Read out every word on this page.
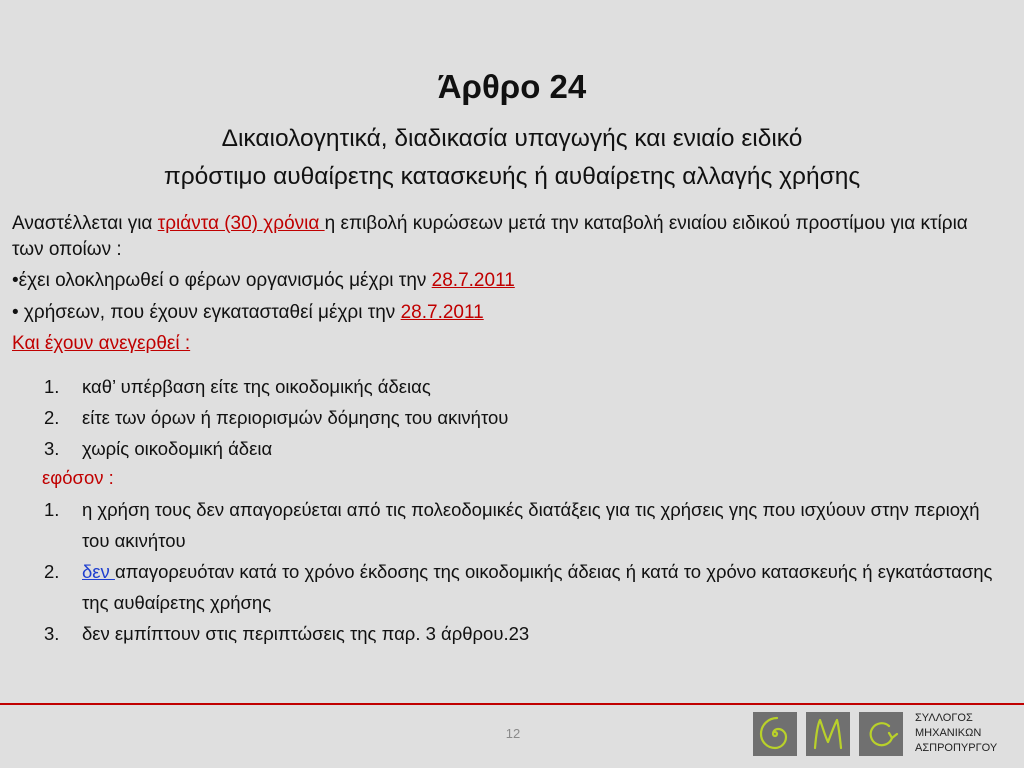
Άρθρο 24
Δικαιολογητικά, διαδικασία υπαγωγής και ενιαίο ειδικό
πρόστιμο αυθαίρετης κατασκευής ή αυθαίρετης αλλαγής χρήσης

Αναστέλλεται για τριάντα (30) χρόνια η επιβολή κυρώσεων μετά την καταβολή ενιαίου ειδικού προστίμου για κτίρια των οποίων :

•έχει ολοκληρωθεί ο φέρων οργανισμός μέχρι την 28.7.2011

• χρήσεων, που έχουν εγκατασταθεί μέχρι την 28.7.2011

Και έχουν ανεγερθεί :

1. καθ’ υπέρβαση είτε της οικοδομικής άδειας
2. είτε των όρων ή περιορισμών δόμησης του ακινήτου
3. χωρίς οικοδομική άδεια
εφόσον :
1. η χρήση τους δεν απαγορεύεται από τις πολεοδομικές διατάξεις για τις χρήσεις γης που ισχύουν στην περιοχή του ακινήτου
2. δεν απαγορευόταν κατά το χρόνο έκδοσης της οικοδομικής άδειας ή κατά το χρόνο κατασκευής ή εγκατάστασης της αυθαίρετης χρήσης
3. δεν εμπίπτουν στις περιπτώσεις της παρ. 3 άρθρου.23
12
ΣΥΛΛΟΓΟΣ
ΜΗΧΑΝΙΚΩΝ
ΑΣΠΡΟΠΥΡΓΟΥ
